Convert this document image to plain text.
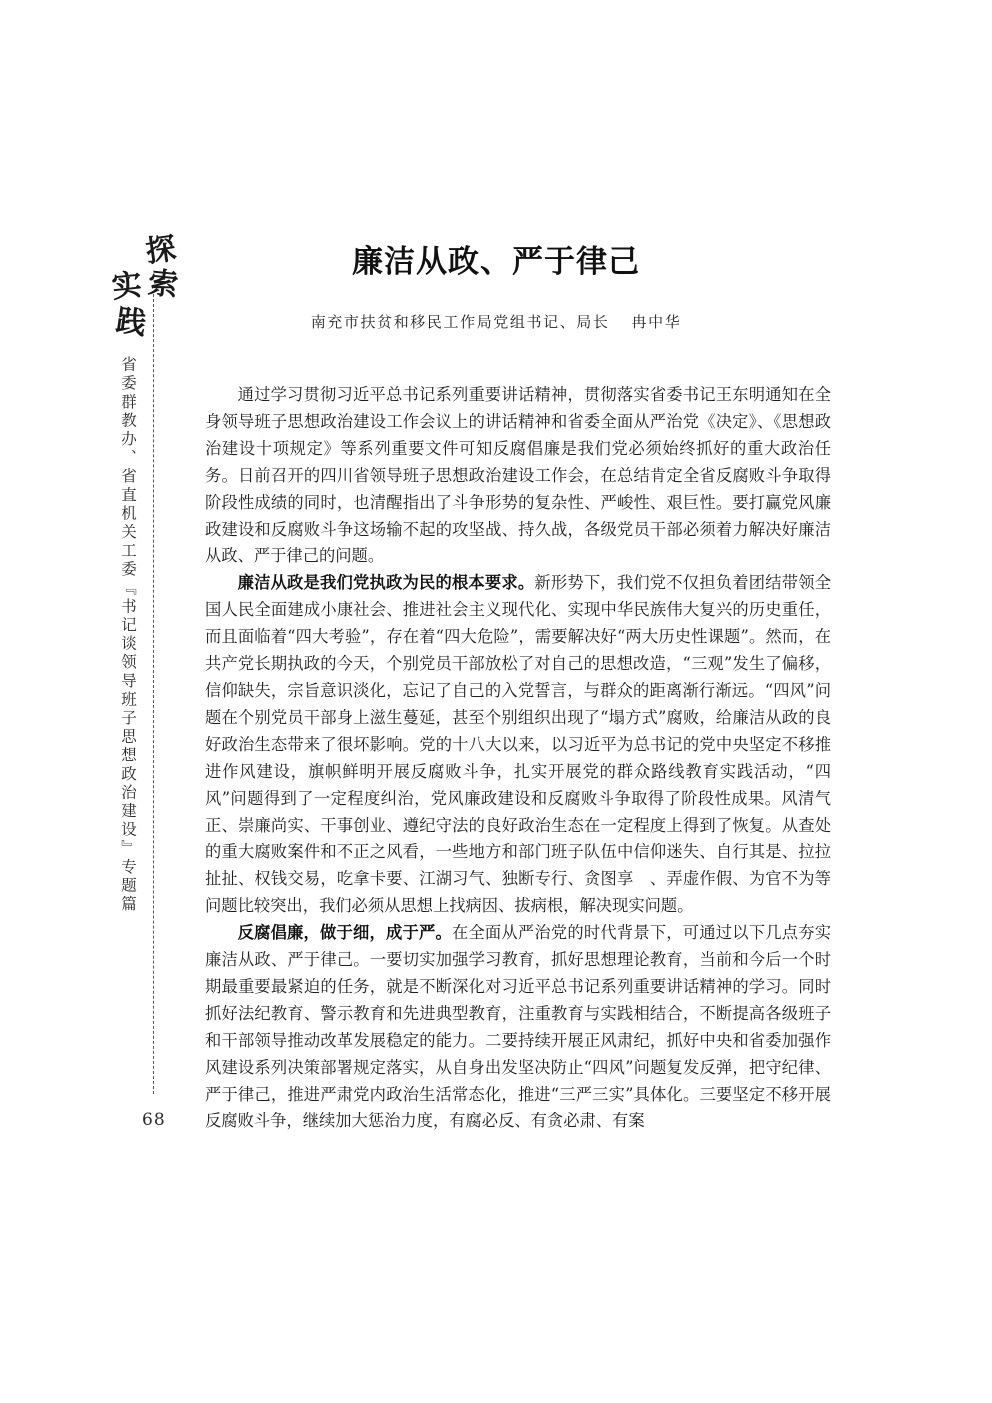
探
索
实
践
省委群教办、省直机关工委『书记谈领导班子思想政治建设』专题篇
68
廉洁从政、严于律己
南充市扶贫和移民工作局党组书记、局长 冉中华

通过学习贯彻习近平总书记系列重要讲话精神，贯彻落实省委书记王东明通知在全身领导班子思想政治建设工作会议上的讲话精神和省委全面从严治党《决定》、《思想政治建设十项规定》等系列重要文件可知反腐倡廉是我们党必须始终抓好的重大政治任务。日前召开的四川省领导班子思想政治建设工作会，在总结肯定全省反腐败斗争取得阶段性成绩的同时，也清醒指出了斗争形势的复杂性、严峻性、艰巨性。要打赢党风廉政建设和反腐败斗争这场输不起的攻坚战、持久战，各级党员干部必须着力解决好廉洁从政、严于律己的问题。

廉洁从政是我们党执政为民的根本要求。新形势下，我们党不仅担负着团结带领全国人民全面建成小康社会、推进社会主义现代化、实现中华民族伟大复兴的历史重任，而且面临着“四大考验”，存在着“四大危险”，需要解决好“两大历史性课题”。然而，在共产党长期执政的今天，个别党员干部放松了对自己的思想改造，“三观”发生了偏移，信仰缺失，宗旨意识淡化，忘记了自己的入党誓言，与群众的距离渐行渐远。“四风”问题在个别党员干部身上滋生蔓延，甚至个别组织出现了“塌方式”腐败，给廉洁从政的良好政治生态带来了很坏影响。党的十八大以来，以习近平为总书记的党中央坚定不移推进作风建设，旗帜鲜明开展反腐败斗争，扎实开展党的群众路线教育实践活动，“四风”问题得到了一定程度纠治，党风廉政建设和反腐败斗争取得了阶段性成果。风清气正、崇廉尚实、干事创业、遵纪守法的良好政治生态在一定程度上得到了恢复。从查处的重大腐败案件和不正之风看，一些地方和部门班子队伍中信仰迷失、自行其是、拉拉扯扯、权钱交易，吃拿卡要、江湖习气、独断专行、贪图享　、弄虚作假、为官不为等问题比较突出，我们必须从思想上找病因、拔病根，解决现实问题。

反腐倡廉，做于细，成于严。在全面从严治党的时代背景下，可通过以下几点夯实廉洁从政、严于律己。一要切实加强学习教育，抓好思想理论教育，当前和今后一个时期最重要最紧迫的任务，就是不断深化对习近平总书记系列重要讲话精神的学习。同时抓好法纪教育、警示教育和先进典型教育，注重教育与实践相结合，不断提高各级班子和干部领导推动改革发展稳定的能力。二要持续开展正风肃纪，抓好中央和省委加强作风建设系列决策部署规定落实，从自身出发坚决防止“四风”问题复发反弹，把守纪律、严于律己，推进严肃党内政治生活常态化，推进“三严三实”具体化。三要坚定不移开展反腐败斗争，继续加大惩治力度，有腐必反、有贪必肃、有案
